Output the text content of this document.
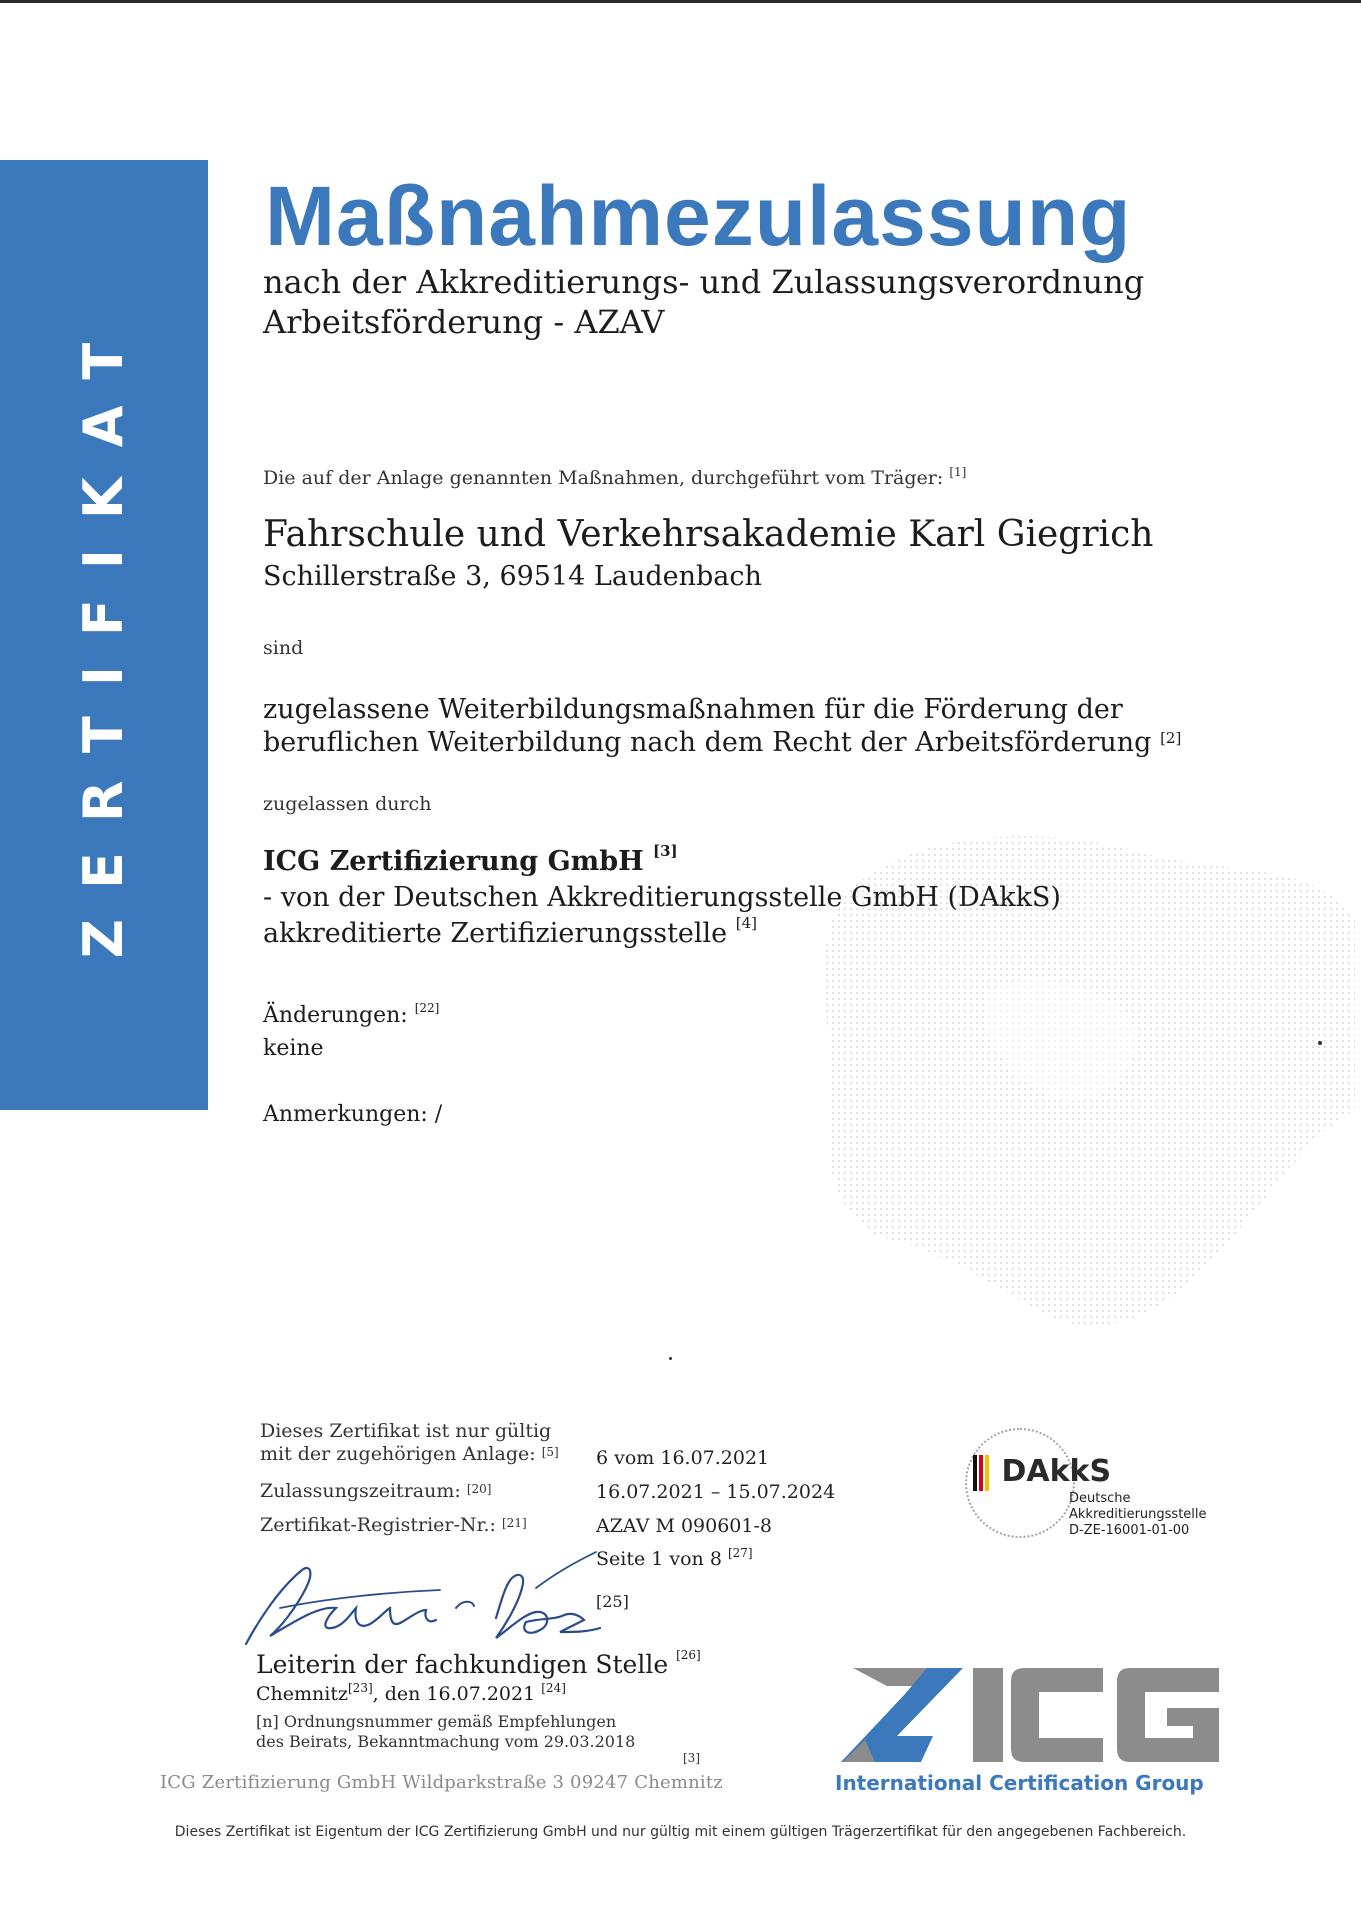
ZERTIFIKAT
Maßnahmezulassung
nach der Akkreditierungs- und Zulassungsverordnung
Arbeitsförderung - AZAV
Die auf der Anlage genannten Maßnahmen, durchgeführt vom Träger: [1]
Fahrschule und Verkehrsakademie Karl Giegrich
Schillerstraße 3, 69514 Laudenbach
sind
zugelassene Weiterbildungsmaßnahmen für die Förderung der
beruflichen Weiterbildung nach dem Recht der Arbeitsförderung [2]
zugelassen durch
ICG Zertifizierung GmbH [3]
- von der Deutschen Akkreditierungsstelle GmbH (DAkkS)
akkreditierte Zertifizierungsstelle [4]
Änderungen: [22]
keine
Anmerkungen: /
Dieses Zertifikat ist nur gültig
mit der zugehörigen Anlage: [5] 6 vom 16.07.2021
Zulassungszeitraum: [20]	16.07.2021 – 15.07.2024
Zertifikat-Registrier-Nr.: [21]	AZAV M 090601-8
Seite 1 von 8 [27]
[25]
Leiterin der fachkundigen Stelle [26]
Chemnitz[23], den 16.07.2021 [24]
[n] Ordnungsnummer gemäß Empfehlungen
des Beirats, Bekanntmachung vom 29.03.2018
[3]
ICG Zertifizierung GmbH Wildparkstraße 3 09247 Chemnitz
DAkkS
Deutsche
Akkreditierungsstelle
D-ZE-16001-01-00
International Certification Group
Dieses Zertifikat ist Eigentum der ICG Zertifizierung GmbH und nur gültig mit einem gültigen Trägerzertifikat für den angegebenen Fachbereich.
